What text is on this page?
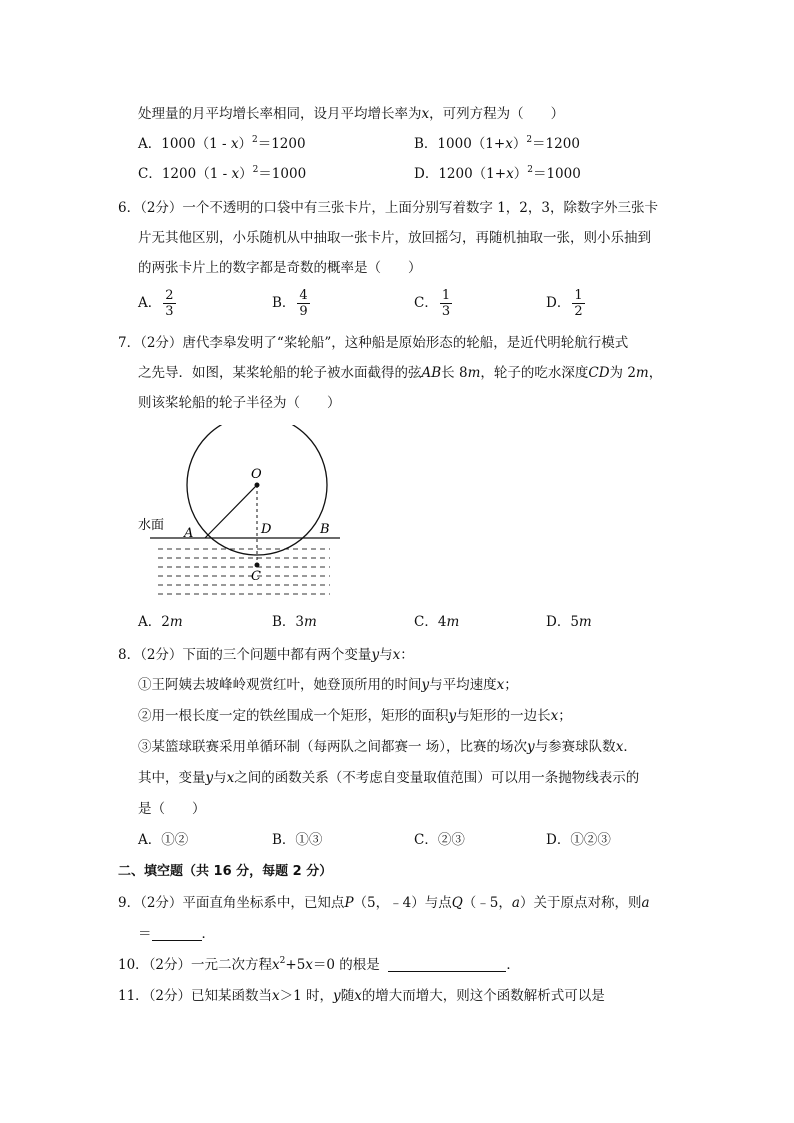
处理量的月平均增长率相同，设月平均增长率为x，可列方程为（　　）
A．1000（1 - x）$^2$＝1200	B．$1000(1+x)^2=1200$
C．1200（1 - x）$^2$＝1000	D．$1200(1+x)^2=1000$
6．（2分）一个不透明的口袋中有三张卡片，上面分别写着数字 1，2，3，除数字外三张卡
片无其他区别，小乐随机从中抽取一张卡片，放回摇匀，再随机抽取一张，则小乐抽到
的两张卡片上的数字都是奇数的概率是（　　）
A． $\frac{2}{3}$	B． $\frac{4}{9}$	C． $\frac{1}{3}$	D． $\frac{1}{2}$
7．（2分）唐代李皋发明了“桨轮船”，这种船是原始形态的轮船，是近代明轮航行模式
之先导．如图，某桨轮船的轮子被水面截得的弦AB长 8m，轮子的吃水深度CD为 2m，
则该桨轮船的轮子半径为（　　）
水面
O
A	D	B
C
A．2m	B．3m	C．4m	D．5m
8．（2分）下面的三个问题中都有两个变量y与x：
①王阿姨去坡峰岭观赏红叶，她登顶所用的时间y与平均速度x；
②用一根长度一定的铁丝围成一个矩形，矩形的面积y与矩形的一边长x；
③某篮球联赛采用单循环制（每两队之间都赛一 场），比赛的场次y与参赛球队数x．
其中，变量y与x之间的函数关系（不考虑自变量取值范围）可以用一条抛物线表示的
是（　　）
A．①②	B．①③	C．②③	D．①②③
二、填空题（共 16 分，每题 2 分）
9．（2分）平面直角坐标系中，已知点P（5，﹣4）与点Q（﹣5，a）关于原点对称，则a
＝	．
10．（2分）一元二次方程$x^2+5x=0$ 的根是	．
11．（2分）已知某函数当x＞1 时，y随x的增大而增大，则这个函数解析式可以是
